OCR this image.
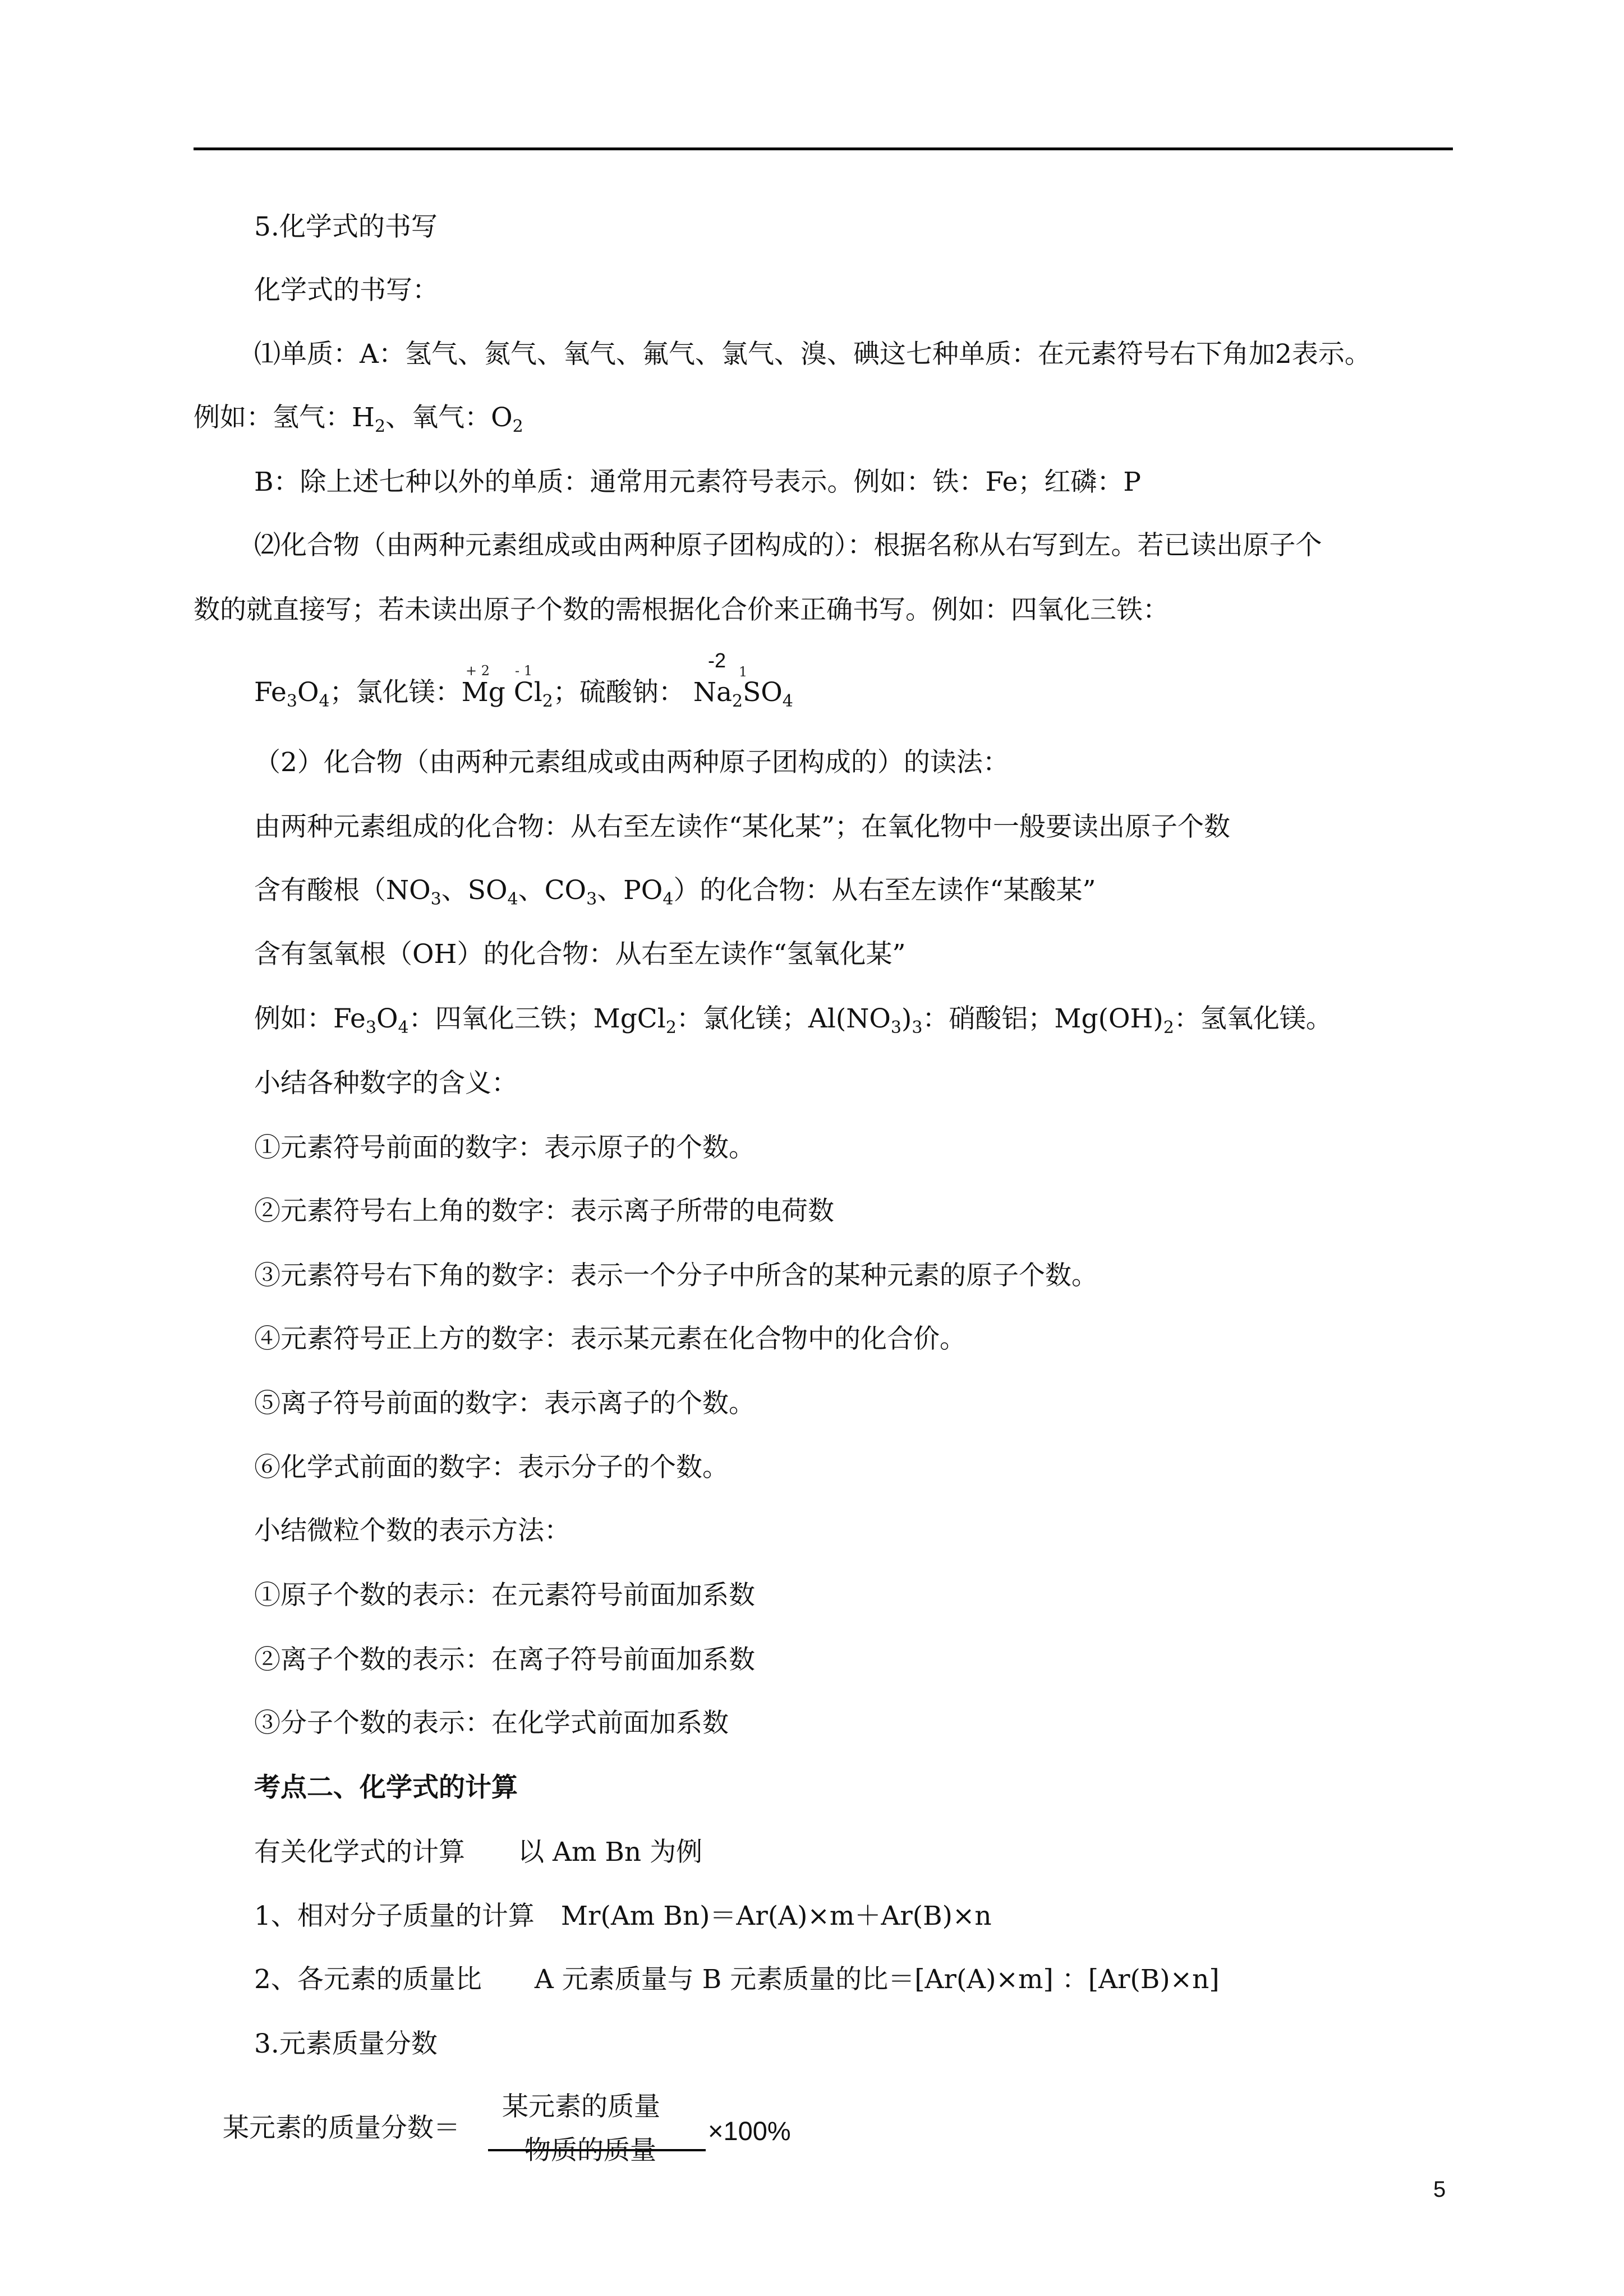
5.化学式的书写
化学式的书写：
⑴单质：A：氢气、氮气、氧气、氟气、氯气、溴、碘这七种单质：在元素符号右下角加2表示。
例如：氢气：$H_2$、氧气：$O_2$
B：除上述七种以外的单质：通常用元素符号表示。例如：铁：Fe；红磷：P
⑵化合物（由两种元素组成或由两种原子团构成的）：根据名称从右写到左。若已读出原子个
数的就直接写；若未读出原子个数的需根据化合价来正确书写。例如：四氧化三铁：
+ 2 - 1	-2 1
$Fe_3O_4$；氯化镁：Mg $Cl_2$；硫酸钠： $Na_2SO_4$
（2）化合物（由两种元素组成或由两种原子团构成的）的读法：
由两种元素组成的化合物：从右至左读作“某化某”；在氧化物中一般要读出原子个数
含有酸根（$NO_3$、$SO_4$、$CO_3$、$PO_4$）的化合物：从右至左读作“某酸某”
含有氢氧根（OH）的化合物：从右至左读作“氢氧化某”
例如：$Fe_3O_4$：四氧化三铁；MgCl$_2$：氯化镁；$Al(NO_3)_3$：硝酸铝；$Mg(OH)_2$：氢氧化镁。
小结各种数字的含义：
①元素符号前面的数字：表示原子的个数。
②元素符号右上角的数字：表示离子所带的电荷数
③元素符号右下角的数字：表示一个分子中所含的某种元素的原子个数。
④元素符号正上方的数字：表示某元素在化合物中的化合价。
⑤离子符号前面的数字：表示离子的个数。
⑥化学式前面的数字：表示分子的个数。
小结微粒个数的表示方法：
①原子个数的表示：在元素符号前面加系数
②离子个数的表示：在离子符号前面加系数
③分子个数的表示：在化学式前面加系数
考点二、化学式的计算
有关化学式的计算　　以 Am Bn 为例
1、相对分子质量的计算　Mr(Am Bn)＝Ar(A)×m＋Ar(B)×n
2、各元素的质量比　　A 元素质量与 B 元素质量的比＝[Ar(A)×m] ：[Ar(B)×n]
3.元素质量分数
某元素的质量分数＝
某元素的质量
物质的质量
×100%
5
